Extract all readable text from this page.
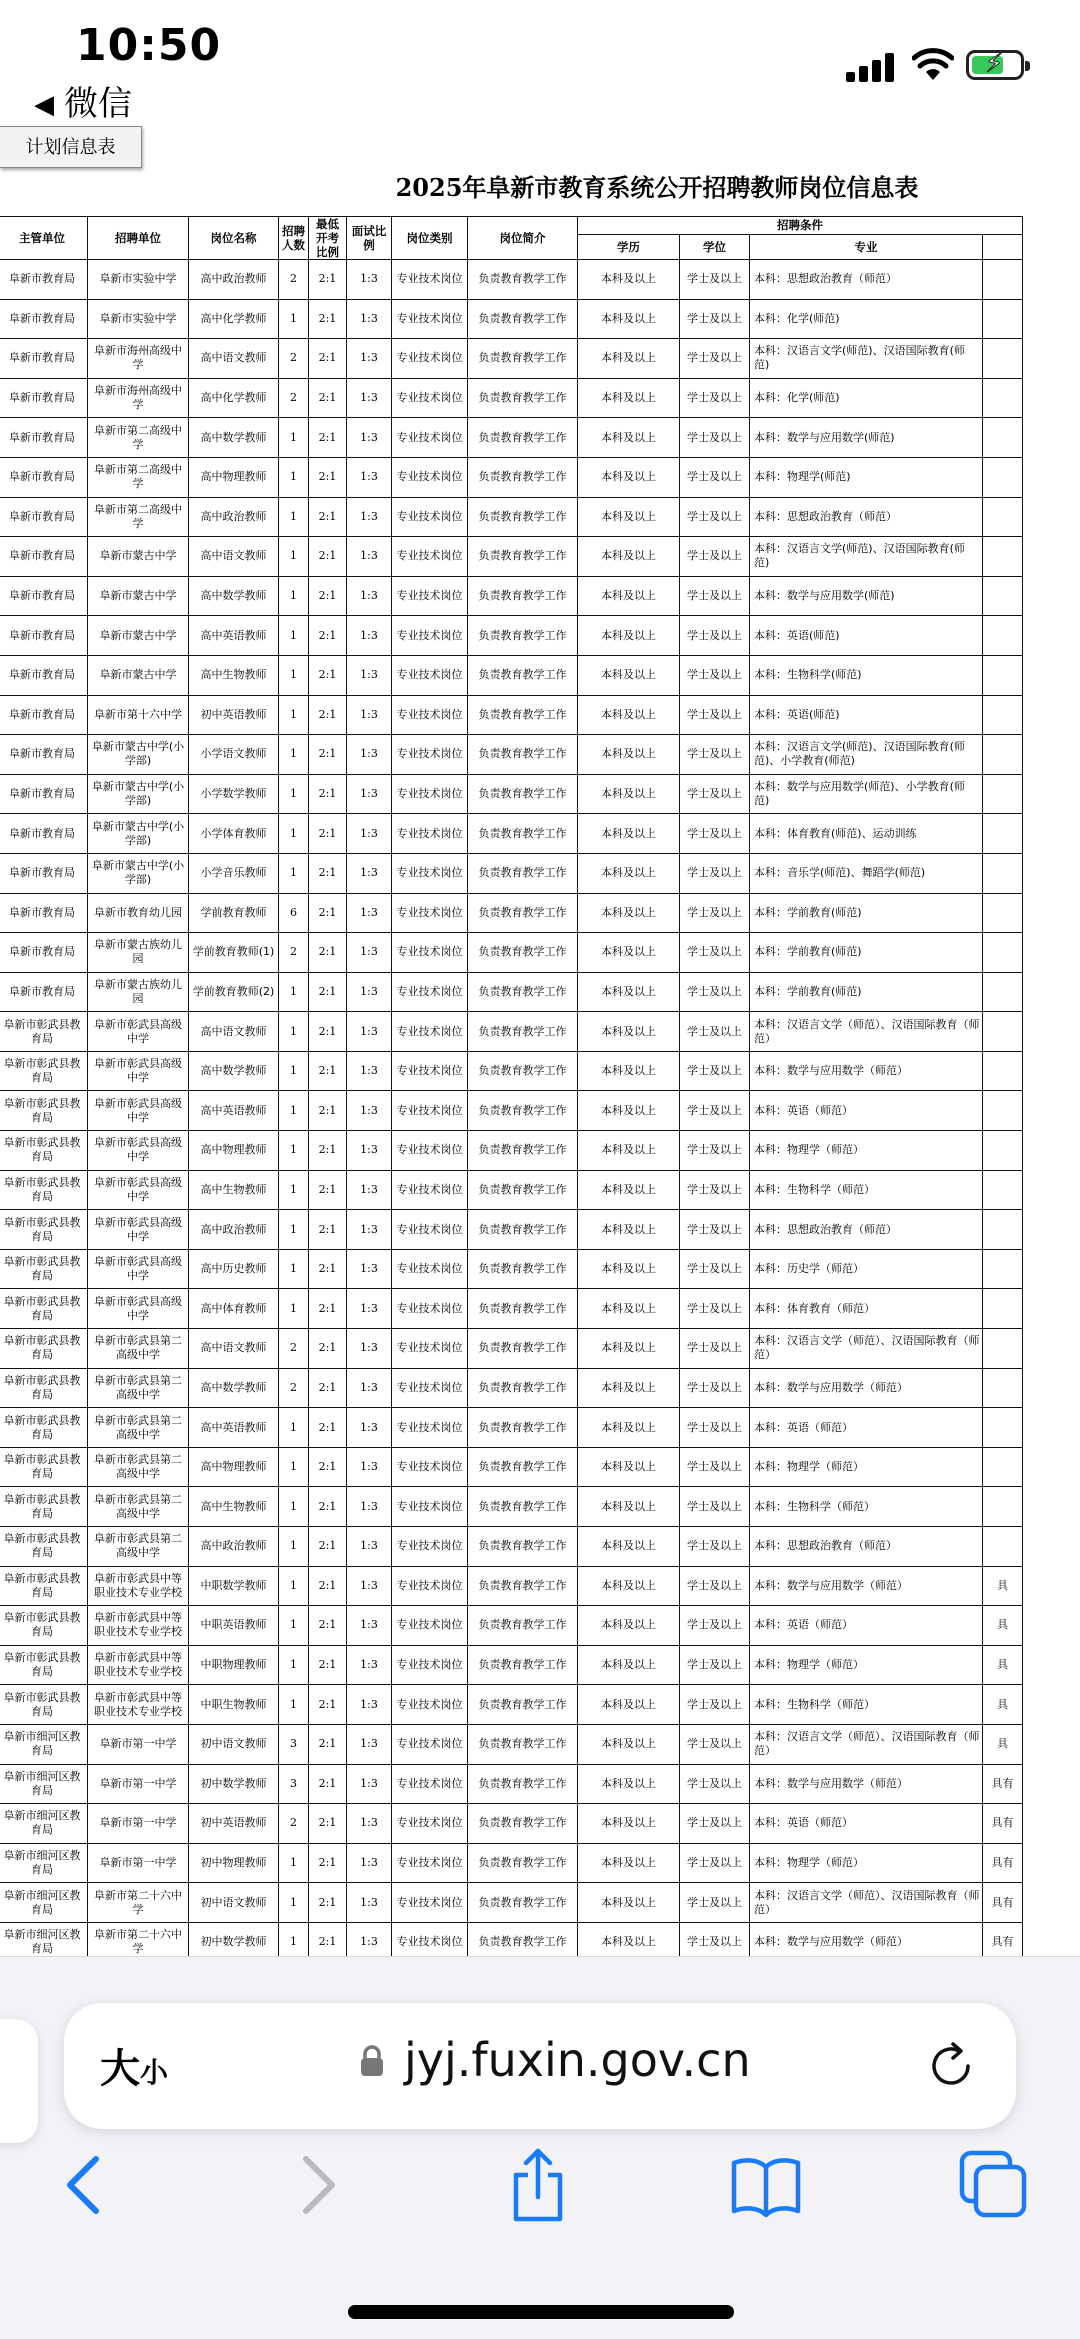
10:50
◀ 微信
⚡
计划信息表
2025年阜新市教育系统公开招聘教师岗位信息表
主管单位	招聘单位	岗位名称	招聘人数	最低开考比例	面试比例	岗位类别	岗位简介	招聘条件			
								学历	学位	专业	
阜新市教育局	阜新市实验中学	高中政治教师	2	2:1	1:3	专业技术岗位	负责教育教学工作	本科及以上	学士及以上	本科：思想政治教育（师范）	
阜新市教育局	阜新市实验中学	高中化学教师	1	2:1	1:3	专业技术岗位	负责教育教学工作	本科及以上	学士及以上	本科：化学(师范)	
阜新市教育局	阜新市海州高级中学	高中语文教师	2	2:1	1:3	专业技术岗位	负责教育教学工作	本科及以上	学士及以上	本科：汉语言文学(师范)、汉语国际教育(师范)	
阜新市教育局	阜新市海州高级中学	高中化学教师	2	2:1	1:3	专业技术岗位	负责教育教学工作	本科及以上	学士及以上	本科：化学(师范)	
阜新市教育局	阜新市第二高级中学	高中数学教师	1	2:1	1:3	专业技术岗位	负责教育教学工作	本科及以上	学士及以上	本科：数学与应用数学(师范)	
阜新市教育局	阜新市第二高级中学	高中物理教师	1	2:1	1:3	专业技术岗位	负责教育教学工作	本科及以上	学士及以上	本科：物理学(师范)	
阜新市教育局	阜新市第二高级中学	高中政治教师	1	2:1	1:3	专业技术岗位	负责教育教学工作	本科及以上	学士及以上	本科：思想政治教育（师范）	
阜新市教育局	阜新市蒙古中学	高中语文教师	1	2:1	1:3	专业技术岗位	负责教育教学工作	本科及以上	学士及以上	本科：汉语言文学(师范)、汉语国际教育(师范)	
阜新市教育局	阜新市蒙古中学	高中数学教师	1	2:1	1:3	专业技术岗位	负责教育教学工作	本科及以上	学士及以上	本科：数学与应用数学(师范)	
阜新市教育局	阜新市蒙古中学	高中英语教师	1	2:1	1:3	专业技术岗位	负责教育教学工作	本科及以上	学士及以上	本科：英语(师范)	
阜新市教育局	阜新市蒙古中学	高中生物教师	1	2:1	1:3	专业技术岗位	负责教育教学工作	本科及以上	学士及以上	本科：生物科学(师范)	
阜新市教育局	阜新市第十六中学	初中英语教师	1	2:1	1:3	专业技术岗位	负责教育教学工作	本科及以上	学士及以上	本科：英语(师范)	
阜新市教育局	阜新市蒙古中学(小学部)	小学语文教师	1	2:1	1:3	专业技术岗位	负责教育教学工作	本科及以上	学士及以上	本科：汉语言文学(师范)、汉语国际教育(师范)、小学教育(师范)	
阜新市教育局	阜新市蒙古中学(小学部)	小学数学教师	1	2:1	1:3	专业技术岗位	负责教育教学工作	本科及以上	学士及以上	本科：数学与应用数学(师范)、小学教育(师范)	
阜新市教育局	阜新市蒙古中学(小学部)	小学体育教师	1	2:1	1:3	专业技术岗位	负责教育教学工作	本科及以上	学士及以上	本科：体育教育(师范)、运动训练	
阜新市教育局	阜新市蒙古中学(小学部)	小学音乐教师	1	2:1	1:3	专业技术岗位	负责教育教学工作	本科及以上	学士及以上	本科：音乐学(师范)、舞蹈学(师范)	
阜新市教育局	阜新市教育幼儿园	学前教育教师	6	2:1	1:3	专业技术岗位	负责教育教学工作	本科及以上	学士及以上	本科：学前教育(师范)	
阜新市教育局	阜新市蒙古族幼儿园	学前教育教师(1)	2	2:1	1:3	专业技术岗位	负责教育教学工作	本科及以上	学士及以上	本科：学前教育(师范)	
阜新市教育局	阜新市蒙古族幼儿园	学前教育教师(2)	1	2:1	1:3	专业技术岗位	负责教育教学工作	本科及以上	学士及以上	本科：学前教育(师范)	
阜新市彰武县教育局	阜新市彰武县高级中学	高中语文教师	1	2:1	1:3	专业技术岗位	负责教育教学工作	本科及以上	学士及以上	本科：汉语言文学（师范）、汉语国际教育（师范）	
阜新市彰武县教育局	阜新市彰武县高级中学	高中数学教师	1	2:1	1:3	专业技术岗位	负责教育教学工作	本科及以上	学士及以上	本科：数学与应用数学（师范）	
阜新市彰武县教育局	阜新市彰武县高级中学	高中英语教师	1	2:1	1:3	专业技术岗位	负责教育教学工作	本科及以上	学士及以上	本科：英语（师范）	
阜新市彰武县教育局	阜新市彰武县高级中学	高中物理教师	1	2:1	1:3	专业技术岗位	负责教育教学工作	本科及以上	学士及以上	本科：物理学（师范）	
阜新市彰武县教育局	阜新市彰武县高级中学	高中生物教师	1	2:1	1:3	专业技术岗位	负责教育教学工作	本科及以上	学士及以上	本科：生物科学（师范）	
阜新市彰武县教育局	阜新市彰武县高级中学	高中政治教师	1	2:1	1:3	专业技术岗位	负责教育教学工作	本科及以上	学士及以上	本科：思想政治教育（师范）	
阜新市彰武县教育局	阜新市彰武县高级中学	高中历史教师	1	2:1	1:3	专业技术岗位	负责教育教学工作	本科及以上	学士及以上	本科：历史学（师范）	
阜新市彰武县教育局	阜新市彰武县高级中学	高中体育教师	1	2:1	1:3	专业技术岗位	负责教育教学工作	本科及以上	学士及以上	本科：体育教育（师范）	
阜新市彰武县教育局	阜新市彰武县第二高级中学	高中语文教师	2	2:1	1:3	专业技术岗位	负责教育教学工作	本科及以上	学士及以上	本科：汉语言文学（师范）、汉语国际教育（师范）	
阜新市彰武县教育局	阜新市彰武县第二高级中学	高中数学教师	2	2:1	1:3	专业技术岗位	负责教育教学工作	本科及以上	学士及以上	本科：数学与应用数学（师范）	
阜新市彰武县教育局	阜新市彰武县第二高级中学	高中英语教师	1	2:1	1:3	专业技术岗位	负责教育教学工作	本科及以上	学士及以上	本科：英语（师范）	
阜新市彰武县教育局	阜新市彰武县第二高级中学	高中物理教师	1	2:1	1:3	专业技术岗位	负责教育教学工作	本科及以上	学士及以上	本科：物理学（师范）	
阜新市彰武县教育局	阜新市彰武县第二高级中学	高中生物教师	1	2:1	1:3	专业技术岗位	负责教育教学工作	本科及以上	学士及以上	本科：生物科学（师范）	
阜新市彰武县教育局	阜新市彰武县第二高级中学	高中政治教师	1	2:1	1:3	专业技术岗位	负责教育教学工作	本科及以上	学士及以上	本科：思想政治教育（师范）	
阜新市彰武县教育局	阜新市彰武县中等职业技术专业学校	中职数学教师	1	2:1	1:3	专业技术岗位	负责教育教学工作	本科及以上	学士及以上	本科：数学与应用数学（师范）	具
阜新市彰武县教育局	阜新市彰武县中等职业技术专业学校	中职英语教师	1	2:1	1:3	专业技术岗位	负责教育教学工作	本科及以上	学士及以上	本科：英语（师范）	具
阜新市彰武县教育局	阜新市彰武县中等职业技术专业学校	中职物理教师	1	2:1	1:3	专业技术岗位	负责教育教学工作	本科及以上	学士及以上	本科：物理学（师范）	具
阜新市彰武县教育局	阜新市彰武县中等职业技术专业学校	中职生物教师	1	2:1	1:3	专业技术岗位	负责教育教学工作	本科及以上	学士及以上	本科：生物科学（师范）	具
阜新市细河区教育局	阜新市第一中学	初中语文教师	3	2:1	1:3	专业技术岗位	负责教育教学工作	本科及以上	学士及以上	本科：汉语言文学（师范）、汉语国际教育（师范）	具
阜新市细河区教育局	阜新市第一中学	初中数学教师	3	2:1	1:3	专业技术岗位	负责教育教学工作	本科及以上	学士及以上	本科：数学与应用数学（师范）	具有
阜新市细河区教育局	阜新市第一中学	初中英语教师	2	2:1	1:3	专业技术岗位	负责教育教学工作	本科及以上	学士及以上	本科：英语（师范）	具有
阜新市细河区教育局	阜新市第一中学	初中物理教师	1	2:1	1:3	专业技术岗位	负责教育教学工作	本科及以上	学士及以上	本科：物理学（师范）	具有
阜新市细河区教育局	阜新市第二十六中学	初中语文教师	1	2:1	1:3	专业技术岗位	负责教育教学工作	本科及以上	学士及以上	本科：汉语言文学（师范）、汉语国际教育（师范）	具有
阜新市细河区教育局	阜新市第二十六中学	初中数学教师	1	2:1	1:3	专业技术岗位	负责教育教学工作	本科及以上	学士及以上	本科：数学与应用数学（师范）	具有
大小	jyj.fuxin.gov.cn
